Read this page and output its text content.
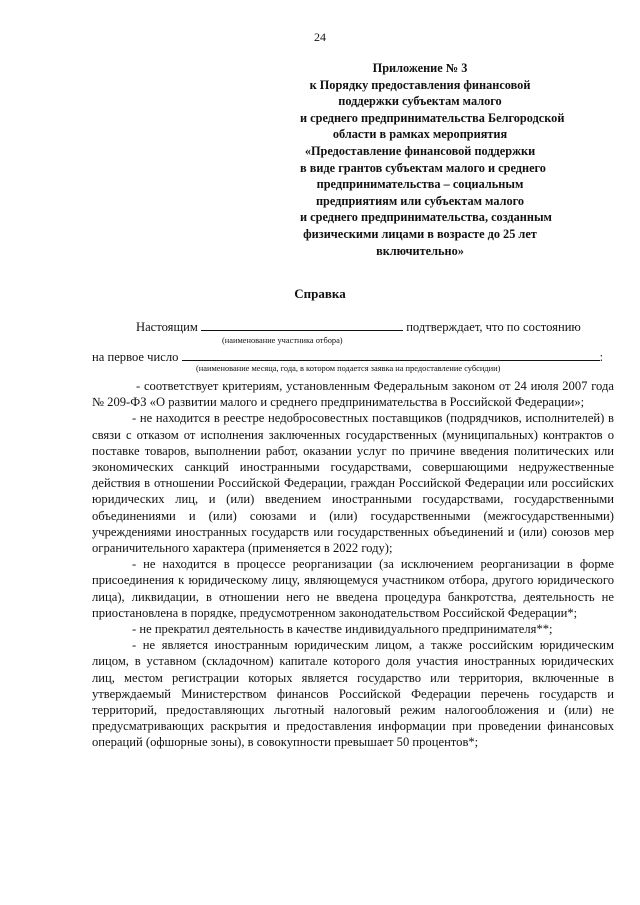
24
Приложение № 3
к Порядку предоставления финансовой
поддержки субъектам малого
и среднего предпринимательства Белгородской
области в рамках мероприятия
«Предоставление финансовой поддержки
в виде грантов субъектам малого и среднего
предпринимательства – социальным
предприятиям или субъектам малого
и среднего предпринимательства, созданным
физическими лицами в возрасте до 25 лет
включительно»
Справка
Настоящим	подтверждает, что по состоянию
(наименование участника отбора)
на первое число	:
(наименование месяца, года, в котором подается заявка на предоставление субсидии)

- соответствует критериям, установленным Федеральным законом от 24 июля 2007 года № 209-ФЗ «О развитии малого и среднего предпринимательства в Российской Федерации»;

- не находится в реестре недобросовестных поставщиков (подрядчиков, исполнителей) в связи с отказом от исполнения заключенных государственных (муниципальных) контрактов о поставке товаров, выполнении работ, оказании услуг по причине введения политических или экономических санкций иностранными государствами, совершающими недружественные действия в отношении Российской Федерации, граждан Российской Федерации или российских юридических лиц, и (или) введением иностранными государствами, государственными объединениями и (или) союзами и (или) государственными (межгосударственными) учреждениями иностранных государств или государственных объединений и (или) союзов мер ограничительного характера (применяется в 2022 году);

- не находится в процессе реорганизации (за исключением реорганизации в форме присоединения к юридическому лицу, являющемуся участником отбора, другого юридического лица), ликвидации, в отношении него не введена процедура банкротства, деятельность не приостановлена в порядке, предусмотренном законодательством Российской Федерации*;

- не прекратил деятельность в качестве индивидуального предпринимателя**;

- не является иностранным юридическим лицом, а также российским юридическим лицом, в уставном (складочном) капитале которого доля участия иностранных юридических лиц, местом регистрации которых является государство или территория, включенные в утверждаемый Министерством финансов Российской Федерации перечень государств и территорий, предоставляющих льготный налоговый режим налогообложения и (или) не предусматривающих раскрытия и предоставления информации при проведении финансовых операций (офшорные зоны), в совокупности превышает 50 процентов*;
